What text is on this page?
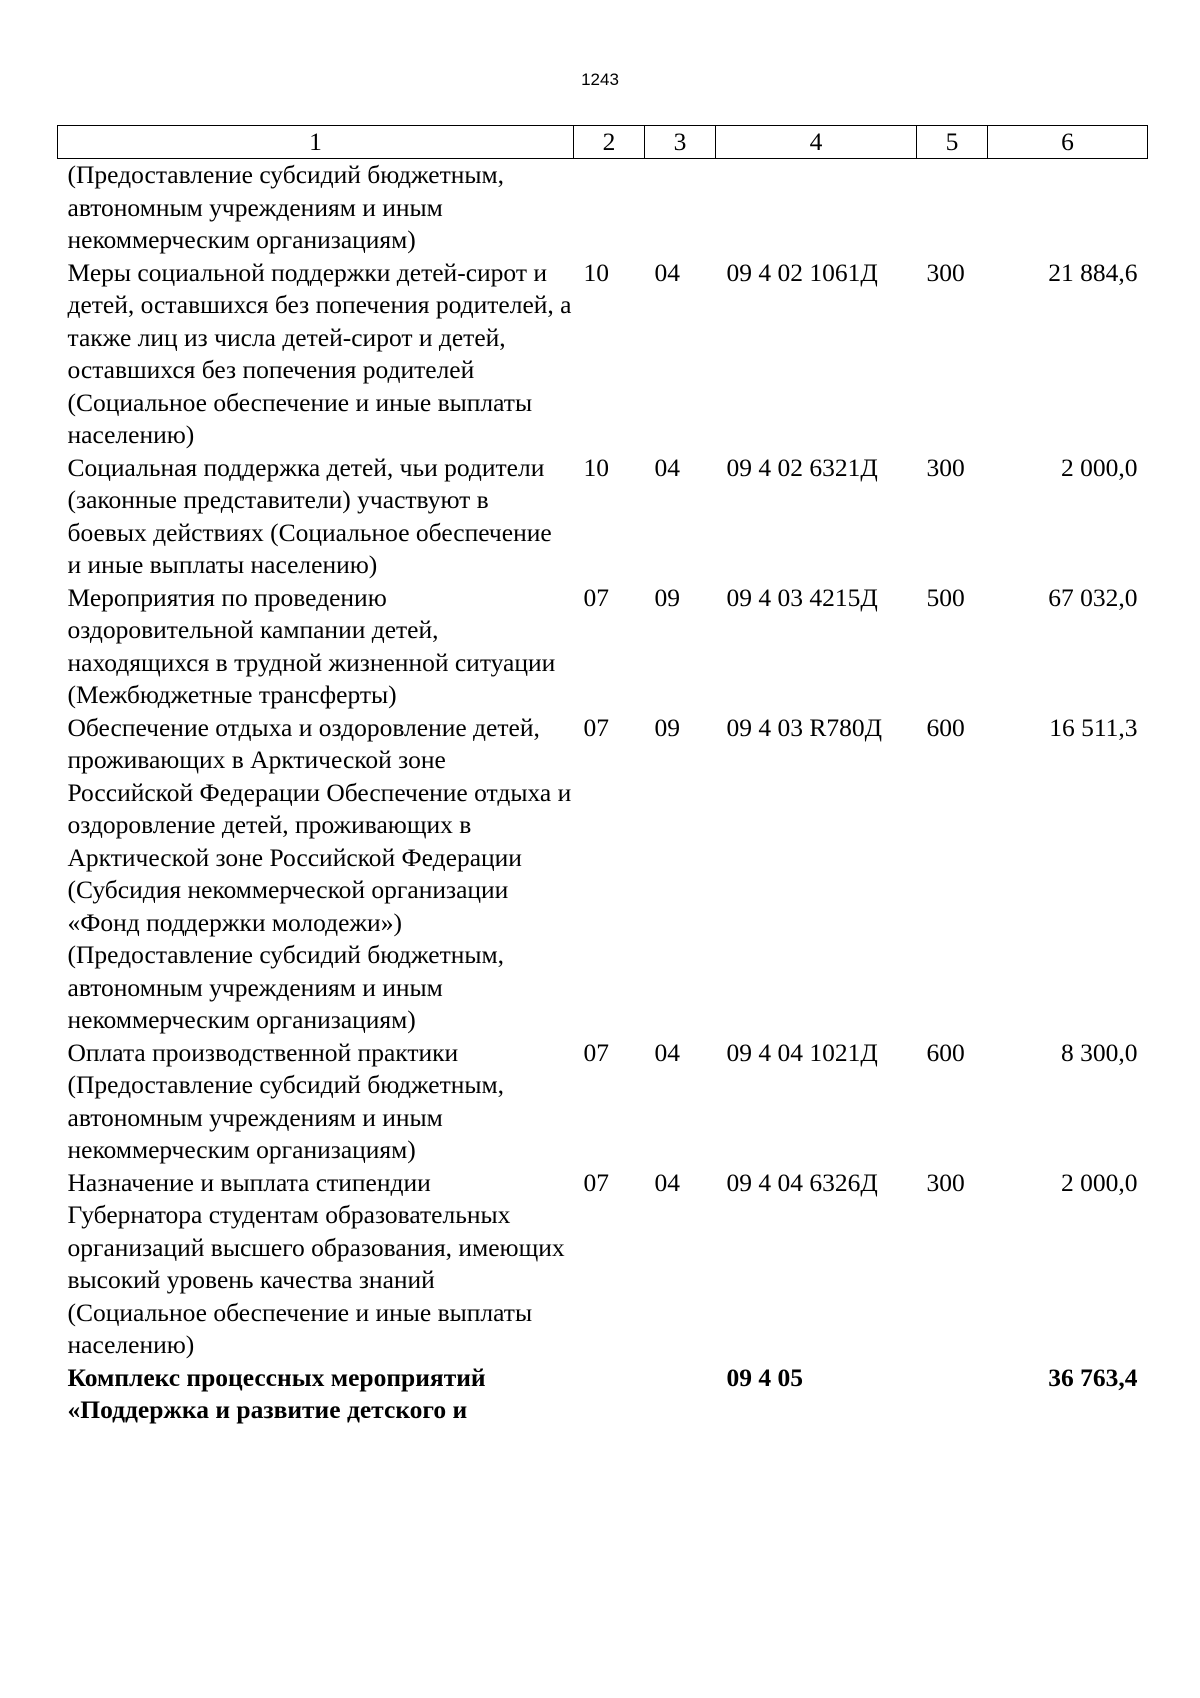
1243
1	2	3	4	5	6
(Предоставление субсидий бюджетным, автономным учреждениям и иным некоммерческим организациям)					
Меры социальной поддержки детей-сирот и детей, оставшихся без попечения родителей, а также лиц из числа детей-сирот и детей, оставшихся без попечения родителей (Социальное обеспечение и иные выплаты населению)	10	04	09 4 02 1061Д	300	21 884,6
Социальная поддержка детей, чьи родители (законные представители) участвуют в боевых действиях (Социальное обеспечение и иные выплаты населению)	10	04	09 4 02 6321Д	300	2 000,0
Мероприятия по проведению оздоровительной кампании детей, находящихся в трудной жизненной ситуации (Межбюджетные трансферты)	07	09	09 4 03 4215Д	500	67 032,0
Обеспечение отдыха и оздоровление детей, проживающих в Арктической зоне Российской Федерации Обеспечение отдыха и оздоровление детей, проживающих в Арктической зоне Российской Федерации (Субсидия некоммерческой организации «Фонд поддержки молодежи») (Предоставление субсидий бюджетным, автономным учреждениям и иным некоммерческим организациям)	07	09	09 4 03 R780Д	600	16 511,3
Оплата производственной практики (Предоставление субсидий бюджетным, автономным учреждениям и иным некоммерческим организациям)	07	04	09 4 04 1021Д	600	8 300,0
Назначение и выплата стипендии Губернатора студентам образовательных организаций высшего образования, имеющих высокий уровень качества знаний (Социальное обеспечение и иные выплаты населению)	07	04	09 4 04 6326Д	300	2 000,0
Комплекс процессных мероприятий «Поддержка и развитие детского и			09 4 05		36 763,4
